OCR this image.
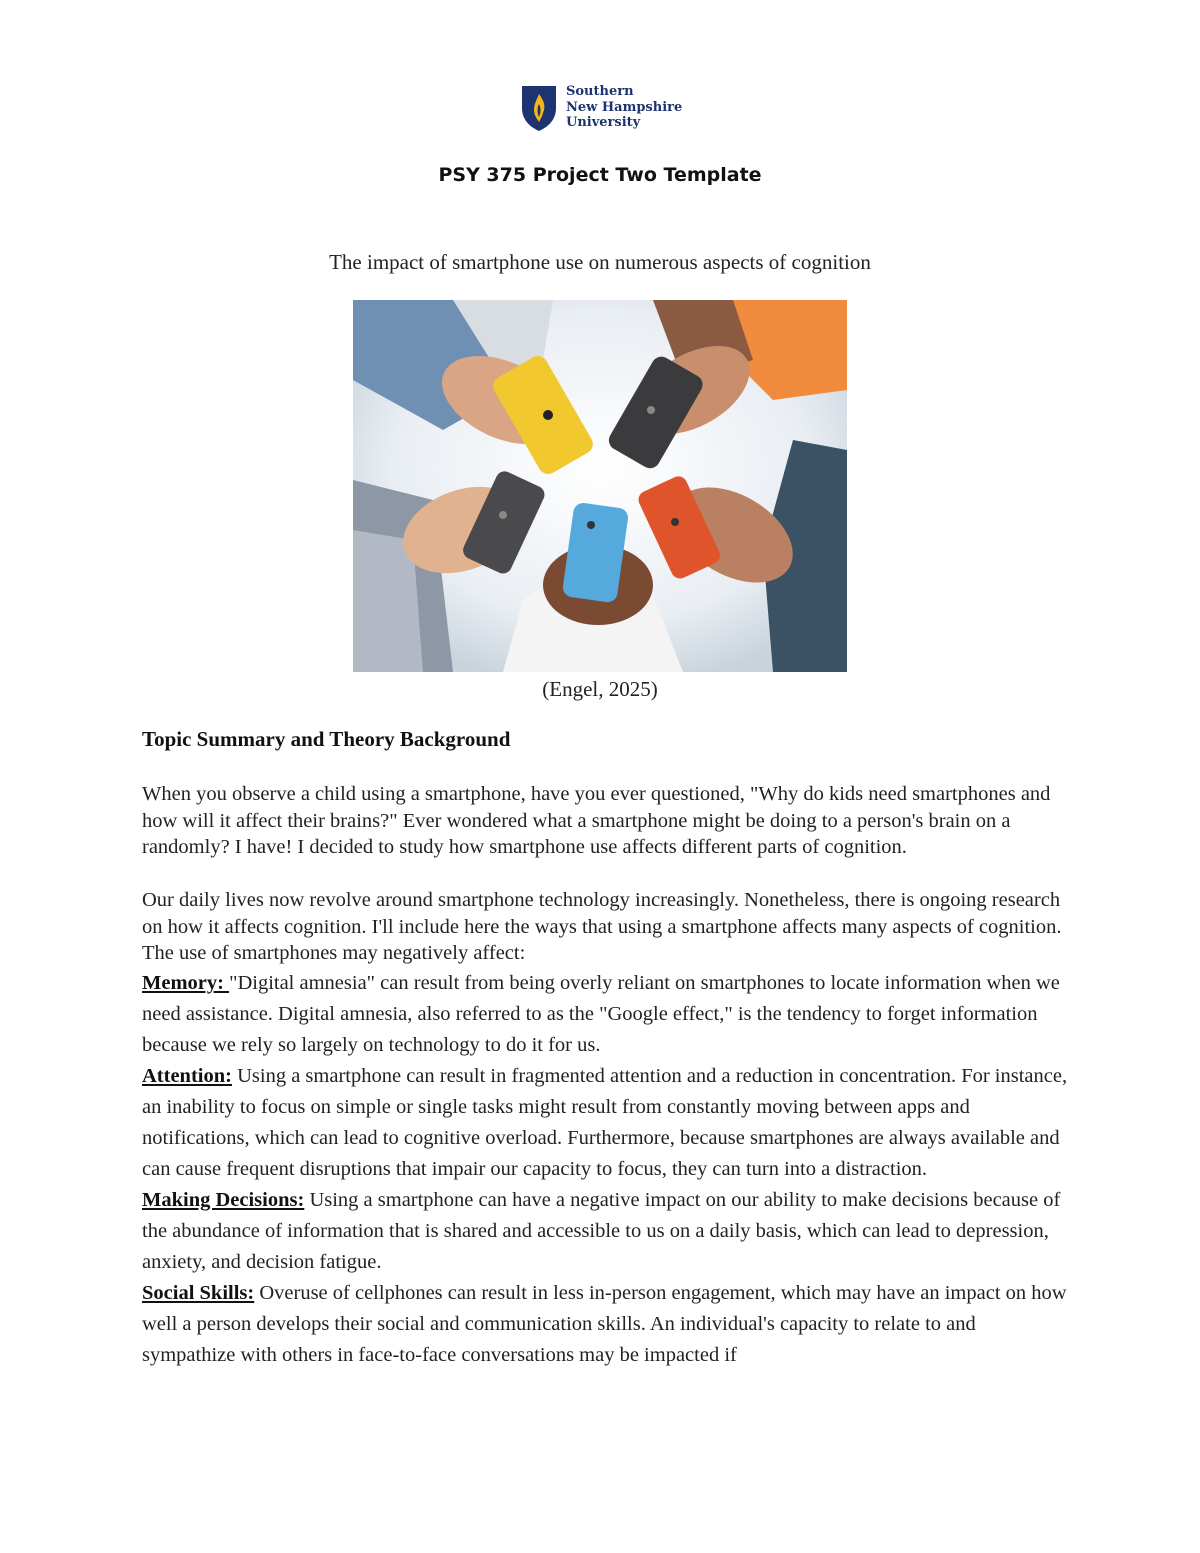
Southern
New Hampshire
University
PSY 375 Project Two Template

The impact of smartphone use on numerous aspects of cognition

(Engel, 2025)

Topic Summary and Theory Background

When you observe a child using a smartphone, have you ever questioned, "Why do kids need smartphones and how will it affect their brains?" Ever wondered what a smartphone might be doing to a person's brain on a randomly? I have! I decided to study how smartphone use affects different parts of cognition.

Our daily lives now revolve around smartphone technology increasingly. Nonetheless, there is ongoing research on how it affects cognition. I'll include here the ways that using a smartphone affects many aspects of cognition. The use of smartphones may negatively affect:

Memory: "Digital amnesia" can result from being overly reliant on smartphones to locate information when we need assistance. Digital amnesia, also referred to as the "Google effect," is the tendency to forget information because we rely so largely on technology to do it for us.

Attention: Using a smartphone can result in fragmented attention and a reduction in concentration. For instance, an inability to focus on simple or single tasks might result from constantly moving between apps and notifications, which can lead to cognitive overload. Furthermore, because smartphones are always available and can cause frequent disruptions that impair our capacity to focus, they can turn into a distraction.

Making Decisions: Using a smartphone can have a negative impact on our ability to make decisions because of the abundance of information that is shared and accessible to us on a daily basis, which can lead to depression, anxiety, and decision fatigue.

Social Skills: Overuse of cellphones can result in less in-person engagement, which may have an impact on how well a person develops their social and communication skills. An individual's capacity to relate to and sympathize with others in face-to-face conversations may be impacted if
